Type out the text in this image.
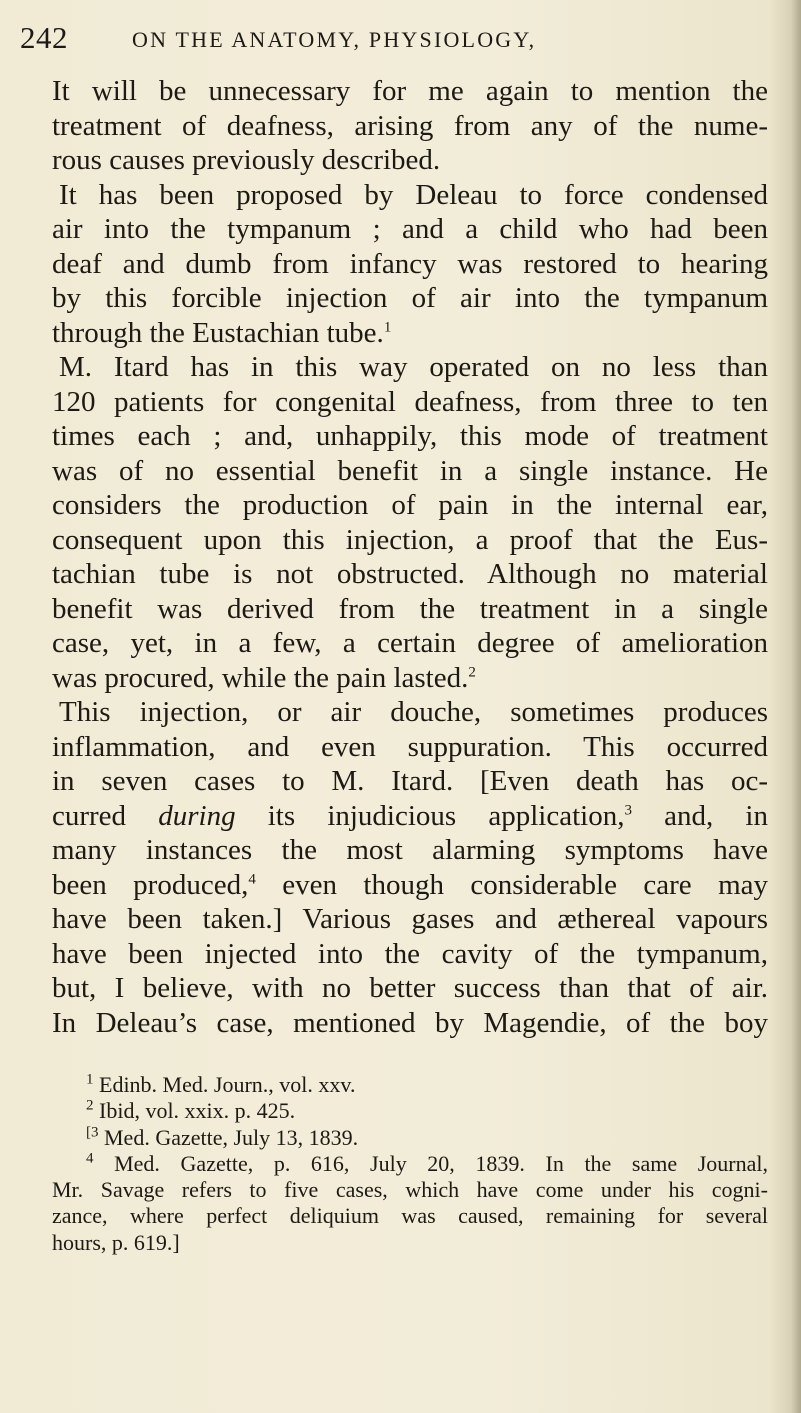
242	ON THE ANATOMY, PHYSIOLOGY,
It will be unnecessary for me again to mention the
treatment of deafness, arising from any of the nume-
rous causes previously described.
It has been proposed by Deleau to force condensed
air into the tympanum ; and a child who had been
deaf and dumb from infancy was restored to hearing
by this forcible injection of air into the tympanum
through the Eustachian tube.$^1$
M. Itard has in this way operated on no less than
120 patients for congenital deafness, from three to ten
times each ; and, unhappily, this mode of treatment
was of no essential benefit in a single instance. He
considers the production of pain in the internal ear,
consequent upon this injection, a proof that the Eus-
tachian tube is not obstructed. Although no material
benefit was derived from the treatment in a single
case, yet, in a few, a certain degree of amelioration
was procured, while the pain lasted.$^2$
This injection, or air douche, sometimes produces
inflammation, and even suppuration. This occurred
in seven cases to M. Itard. [Even death has oc-
curred during its injudicious application,$^3$ and, in
many instances the most alarming symptoms have
been produced,$^4$ even though considerable care may
have been taken.] Various gases and æthereal vapours
have been injected into the cavity of the tympanum,
but, I believe, with no better success than that of air.
In Deleau’s case, mentioned by Magendie, of the boy
$^1$ Edinb. Med. Journ., vol. xxv.
$^2$ Ibid, vol. xxix. p. 425.
$^{[3}$ Med. Gazette, July 13, 1839.
$^4$ Med. Gazette, p. 616, July 20, 1839. In the same Journal,
Mr. Savage refers to five cases, which have come under his cogni-
zance, where perfect deliquium was caused, remaining for several
hours, p. 619.]
